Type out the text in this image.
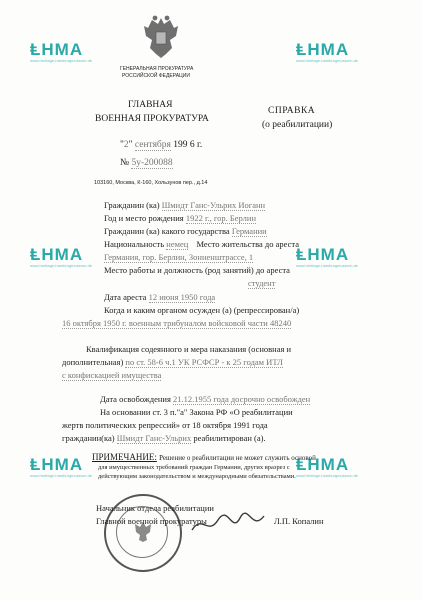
ⱠНМА
www.heritage-hamburgmuseum.de
ⱠНМА
www.heritage-hamburgmuseum.de
ⱠНМА
www.heritage-hamburgmuseum.de
ⱠНМА
www.heritage-hamburgmuseum.de
ⱠНМА
www.heritage-hamburgmuseum.de
ⱠНМА
www.heritage-hamburgmuseum.de
ГЕНЕРАЛЬНАЯ ПРОКУРАТУРА
РОССИЙСКОЙ ФЕДЕРАЦИИ
ГЛАВНАЯ
ВОЕННАЯ ПРОКУРАТУРА
СПРАВКА
(о реабилитации)
"2" сентября 199 6 г.
№ 5у-200088
103160, Москва, К-160, Хользунов пер., д.14
Гражданин (ка) Шмидт Ганс-Ульрих Иоганн
Год и место рождения 1922 г., гор. Берлин
Гражданин (ка) какого государства Германии
Национальность немец Место жительства до ареста
Германия, гор. Берлин, Зонненштрассе, 1
Место работы и должность (род занятий) до ареста
студент
Дата ареста 12 июня 1950 года
Когда и каким органом осужден (а) (репрессирован/а)
16 октября 1950 г. военным трибуналом войсковой части 48240
Квалификация содеянного и мера наказания (основная и
дополнительная) по ст. 58-6 ч.1 УК РСФСР - к 25 годам ИТЛ
с конфискацией имущества
Дата освобождения 21.12.1955 года досрочно освобожден
На основании ст. 3 п."а" Закона РФ «О реабилитации
жертв политических репрессий» от 18 октября 1991 года
гражданин(ка) Шмидт Ганс-Ульрих реабилитирован (а).
ПРИМЕЧАНИЕ: Решение о реабилитации не может служить основой
для имущественных требований граждан Германии, других вразрез с
действующим законодательством и международными обязательствами.
Начальник отдела реабилитации
Главной военной прокуратуры	Л.П. Копалин
